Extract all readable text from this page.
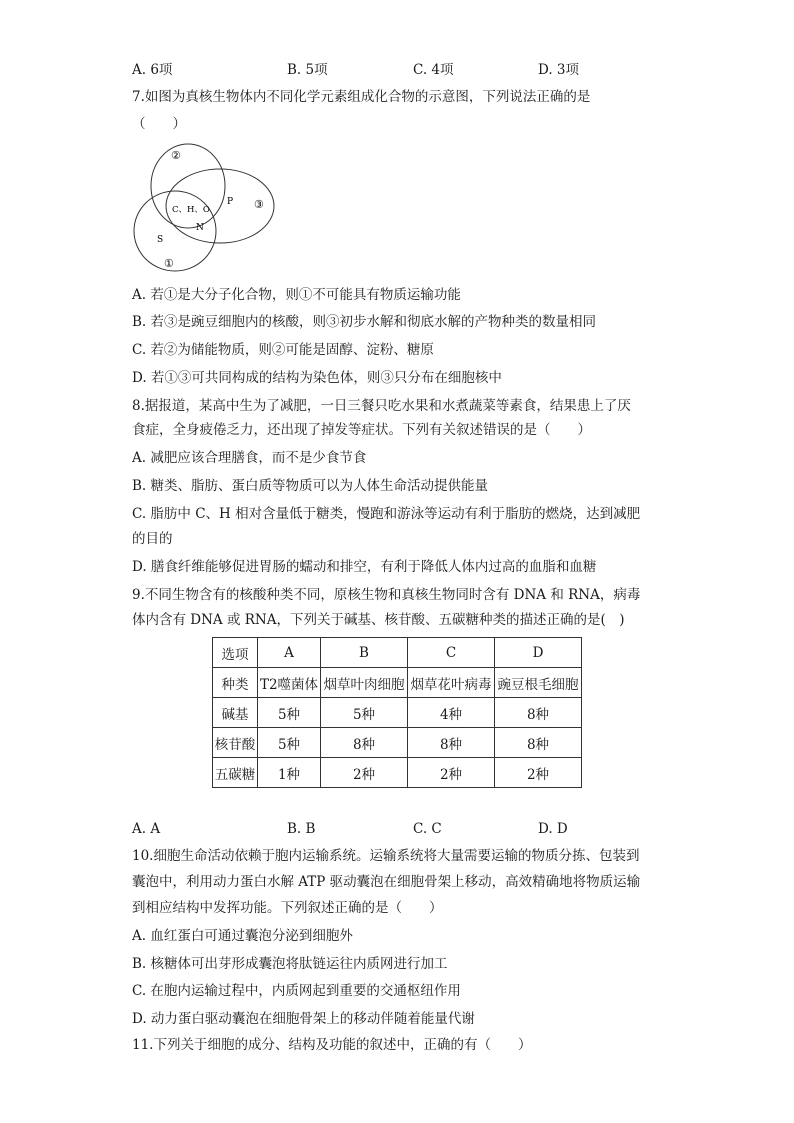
A. 6项	B. 5项	C. 4项	D. 3项
7.如图为真核生物体内不同化学元素组成化合物的示意图，下列说法正确的是
（　　）
②
C、H、O
P ③
N
S
①
A. 若①是大分子化合物，则①不可能具有物质运输功能
B. 若③是豌豆细胞内的核酸，则③初步水解和彻底水解的产物种类的数量相同
C. 若②为储能物质，则②可能是固醇、淀粉、糖原
D. 若①③可共同构成的结构为染色体，则③只分布在细胞核中
8.据报道，某高中生为了减肥，一日三餐只吃水果和水煮蔬菜等素食，结果患上了厌
食症，全身疲倦乏力，还出现了掉发等症状。下列有关叙述错误的是（　　）
A. 减肥应该合理膳食，而不是少食节食
B. 糖类、脂肪、蛋白质等物质可以为人体生命活动提供能量
C. 脂肪中 C、H 相对含量低于糖类，慢跑和游泳等运动有利于脂肪的燃烧，达到减肥
的目的
D. 膳食纤维能够促进胃肠的蠕动和排空，有利于降低人体内过高的血脂和血糖
9.不同生物含有的核酸种类不同，原核生物和真核生物同时含有 DNA 和 RNA，病毒
体内含有 DNA 或 RNA，下列关于碱基、核苷酸、五碳糖种类的描述正确的是(　)
选项	A	B	C	D
种类	T2噬菌体	烟草叶肉细胞	烟草花叶病毒	豌豆根毛细胞
碱基	5种	5种	4种	8种
核苷酸	5种	8种	8种	8种
五碳糖	1种	2种	2种	2种
A. A	B. B	C. C	D. D
10.细胞生命活动依赖于胞内运输系统。运输系统将大量需要运输的物质分拣、包装到
囊泡中，利用动力蛋白水解 ATP 驱动囊泡在细胞骨架上移动，高效精确地将物质运输
到相应结构中发挥功能。下列叙述正确的是（　　）
A. 血红蛋白可通过囊泡分泌到细胞外
B. 核糖体可出芽形成囊泡将肽链运往内质网进行加工
C. 在胞内运输过程中，内质网起到重要的交通枢纽作用
D. 动力蛋白驱动囊泡在细胞骨架上的移动伴随着能量代谢
11.下列关于细胞的成分、结构及功能的叙述中，正确的有（　　）
